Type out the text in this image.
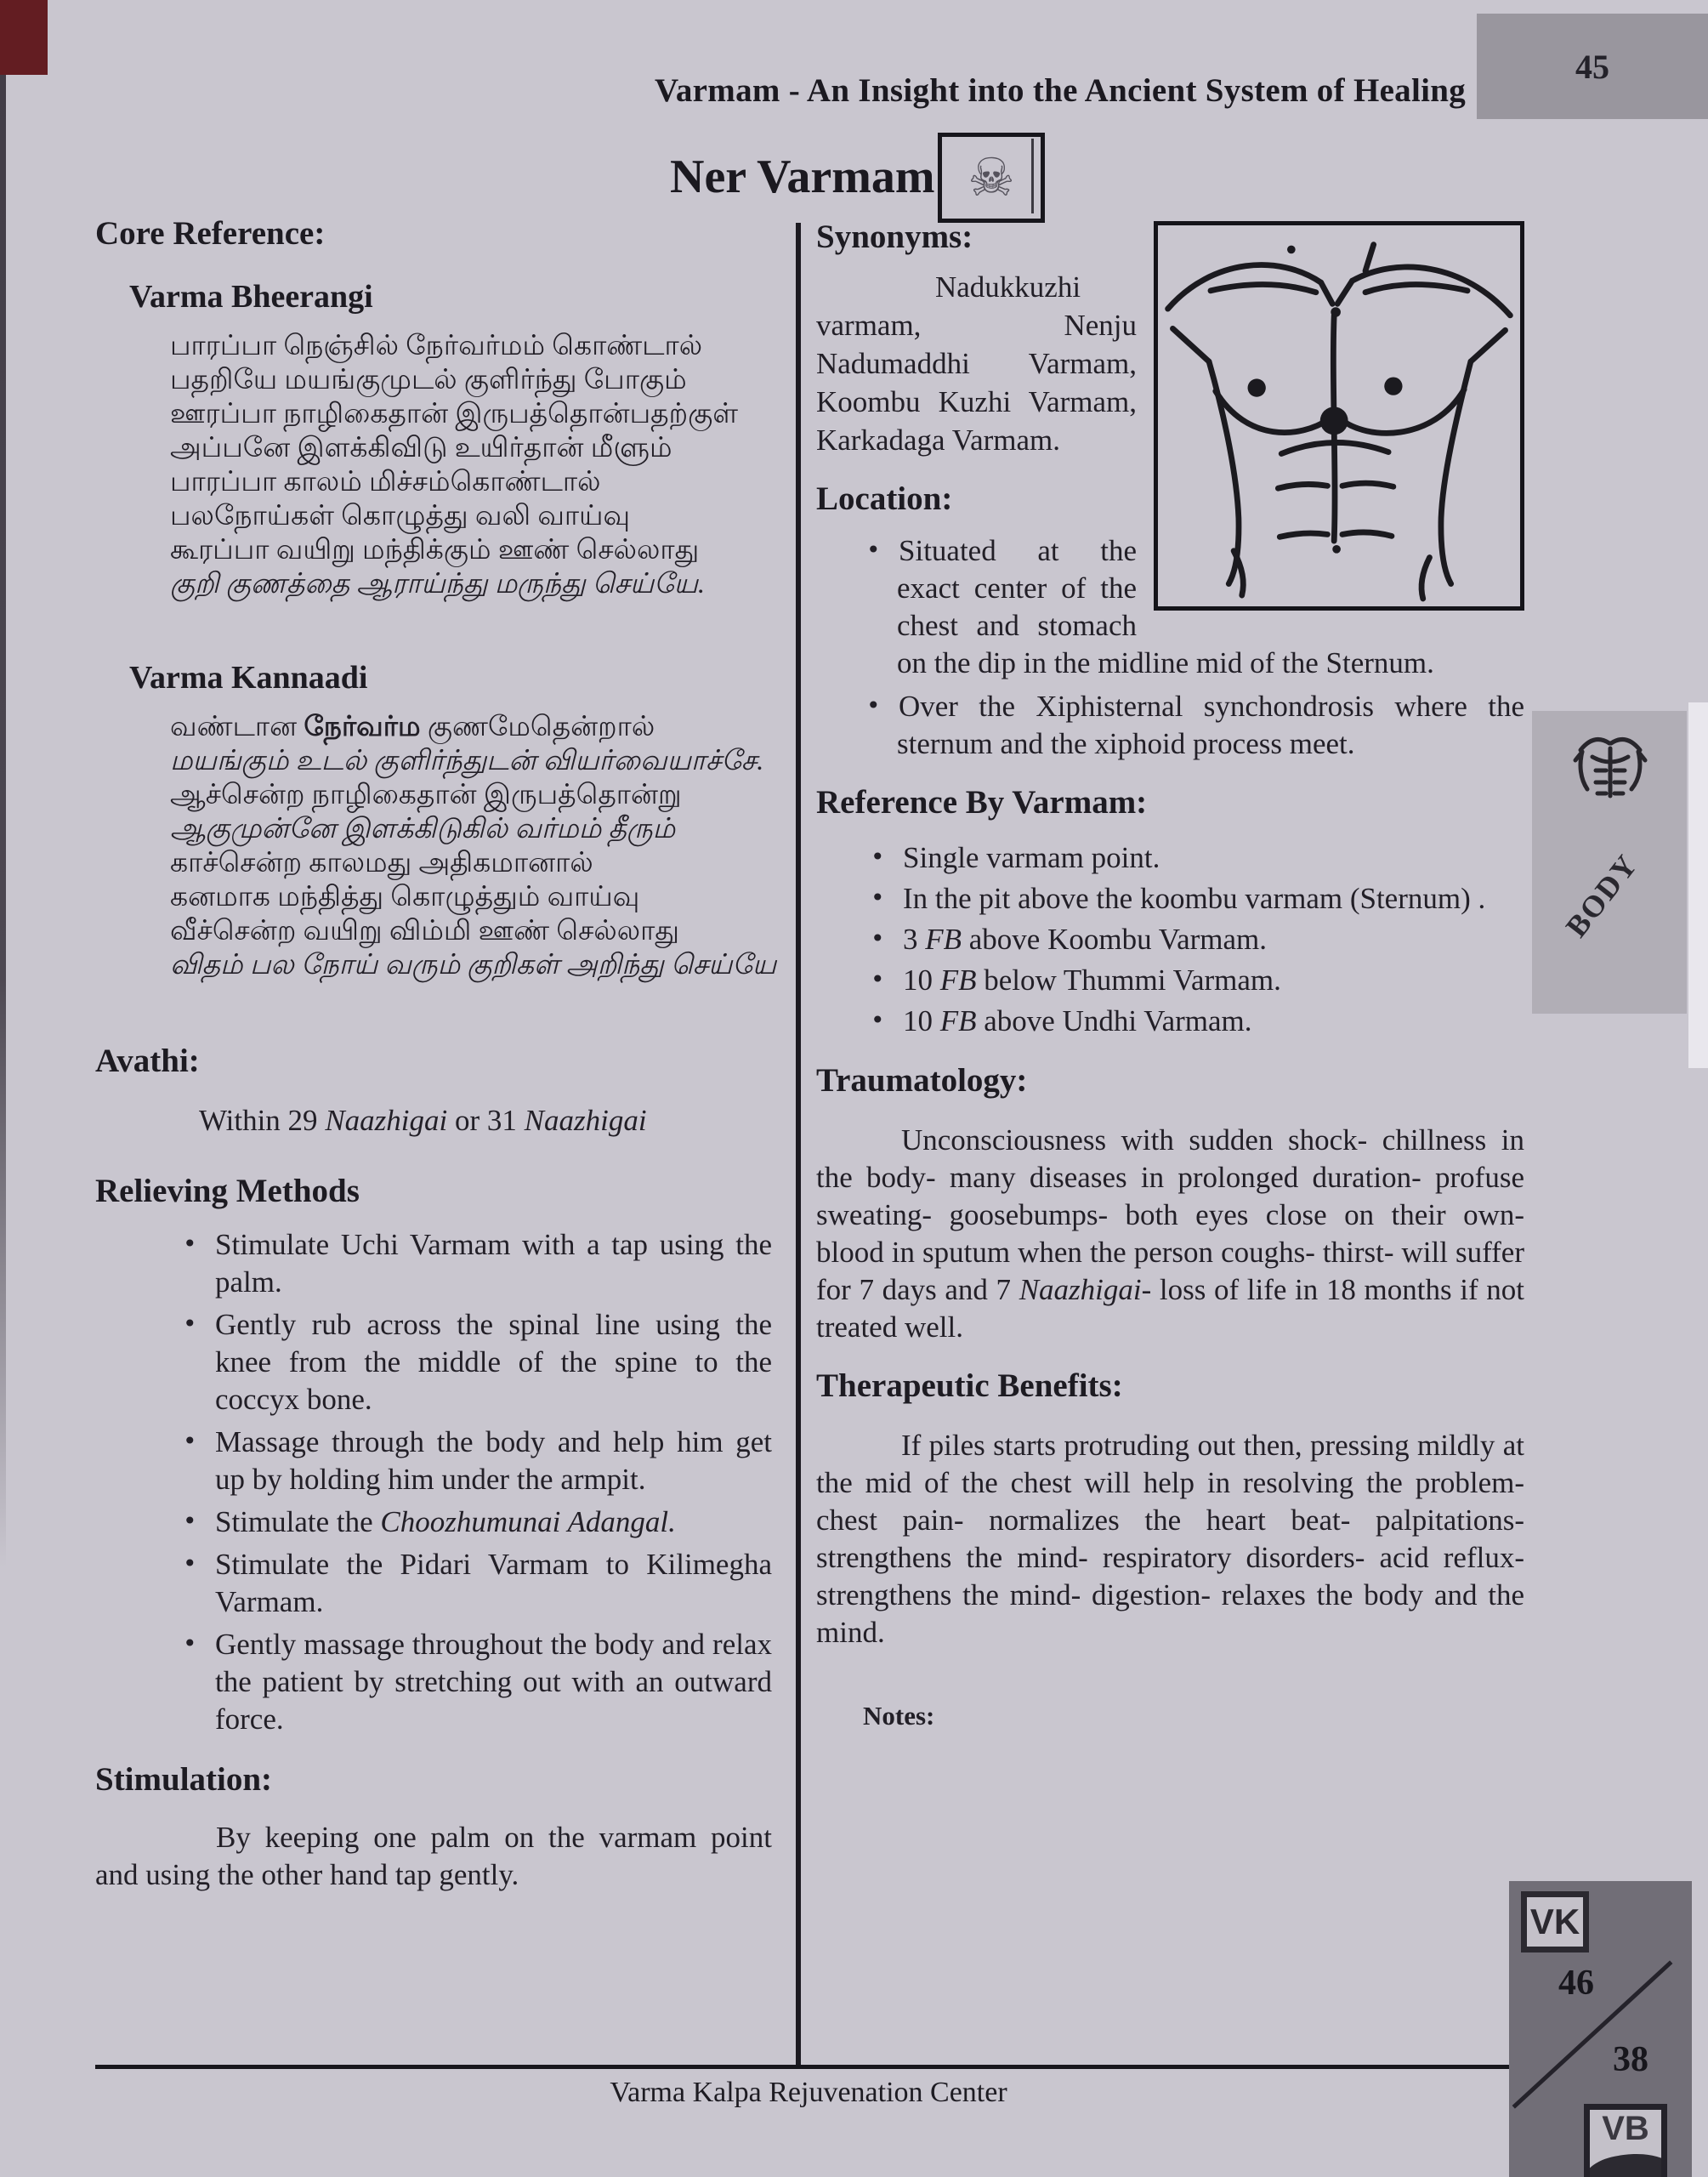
45
Varmam - An Insight into the Ancient System of Healing
Ner Varmam ☠
Core Reference:
Varma Bheerangi
பாரப்பா நெஞ்சில் நேர்வர்மம் கொண்டால்
பதறியே மயங்குமுடல் குளிர்ந்து போகும்
ஊரப்பா நாழிகைதான் இருபத்தொன்பதற்குள்
அப்பனே இளக்கிவிடு உயிர்தான் மீளும்
பாரப்பா காலம் மிச்சம்கொண்டால்
பலநோய்கள் கொழுத்து வலி வாய்வு
கூரப்பா வயிறு மந்திக்கும் ஊண் செல்லாது
குறி குணத்தை ஆராய்ந்து மருந்து செய்யே.
Varma Kannaadi
வண்டான நேர்வர்ம குணமேதென்றால்
மயங்கும் உடல் குளிர்ந்துடன் வியர்வையாச்சே.
ஆச்சென்ற நாழிகைதான் இருபத்தொன்று
ஆகுமுன்னே இளக்கிடுகில் வர்மம் தீரும்
காச்சென்ற காலமது அதிகமானால்
கனமாக மந்தித்து கொழுத்தும் வாய்வு
வீச்சென்ற வயிறு விம்மி ஊண் செல்லாது
விதம் பல நோய் வரும் குறிகள் அறிந்து செய்யே
Avathi:
Within 29 Naazhigai or 31 Naazhigai
Relieving Methods
• Stimulate Uchi Varmam with a tap using the palm.
• Gently rub across the spinal line using the knee from the middle of the spine to the coccyx bone.
• Massage through the body and help him get up by holding him under the armpit.
• Stimulate the Choozhumunai Adangal.
• Stimulate the Pidari Varmam to Kilimegha Varmam.
• Gently massage throughout the body and relax the patient by stretching out with an outward force.
Stimulation:
By keeping one palm on the varmam point and using the other hand tap gently.
Synonyms:
Nadukkuzhi varmam, Nenju Nadumaddhi Varmam, Koombu Kuzhi Varmam, Karkadaga Varmam.
Location:
• Situated at the exact center of the chest and stomach on the dip in the midline mid of the Sternum.
• Over the Xiphisternal synchondrosis where the sternum and the xiphoid process meet.
Reference By Varmam:
• Single varmam point.
• In the pit above the koombu varmam (Sternum) .
• 3 FB above Koombu Varmam.
• 10 FB below Thummi Varmam.
• 10 FB above Undhi Varmam.
Traumatology:
Unconsciousness with sudden shock- chillness in the body- many diseases in prolonged duration- profuse sweating- goosebumps- both eyes close on their own- blood in sputum when the person coughs- thirst- will suffer for 7 days and 7 Naazhigai- loss of life in 18 months if not treated well.
Therapeutic Benefits:
If piles starts protruding out then, pressing mildly at the mid of the chest will help in resolving the problem- chest pain- normalizes the heart beat- palpitations- strengthens the mind- respiratory disorders- acid reflux- strengthens the mind- digestion- relaxes the body and the mind.
Notes:
BODY
Varma Kalpa Rejuvenation Center
VK
46
38
VB
